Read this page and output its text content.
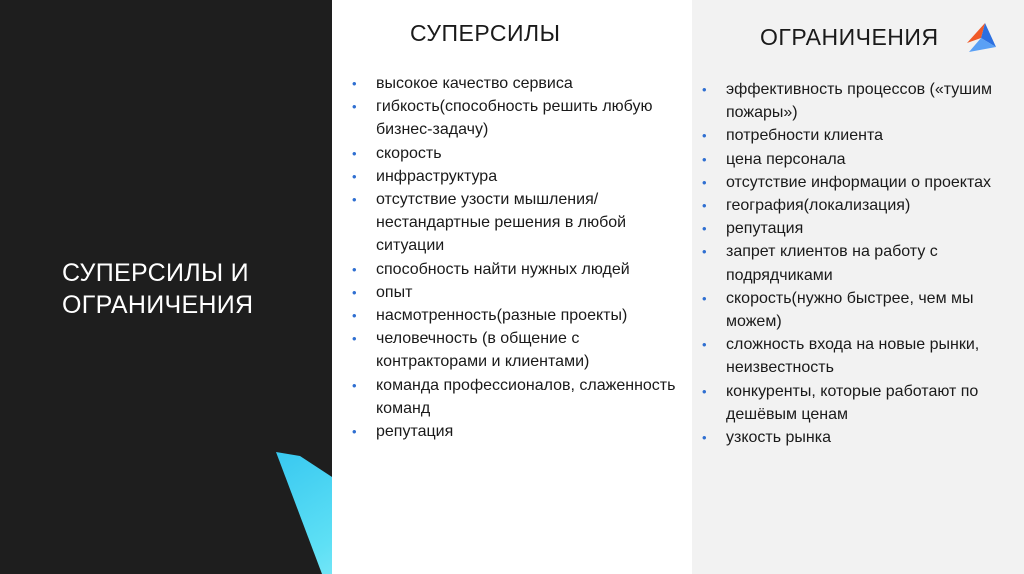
СУПЕРСИЛЫ И ОГРАНИЧЕНИЯ
СУПЕРСИЛЫ	ОГРАНИЧЕНИЯ
• высокое качество сервиса
• гибкость(способность решить любую бизнес-задачу)
• скорость
• инфраструктура
• отсутствие узости мышления/нестандартные решения в любой ситуации
• способность найти нужных людей
• опыт
• насмотренность(разные проекты)
• человечность (в общение с контракторами и клиентами)
• команда профессионалов, слаженность команд
• репутация
• эффективность процессов («тушим пожары»)
• потребности клиента
• цена персонала
• отсутствие информации о проектах
• география(локализация)
• репутация
• запрет клиентов на работу с подрядчиками
• скорость(нужно быстрее, чем мы можем)
• сложность входа на новые рынки, неизвестность
• конкуренты, которые работают по дешёвым ценам
• узкость рынка
